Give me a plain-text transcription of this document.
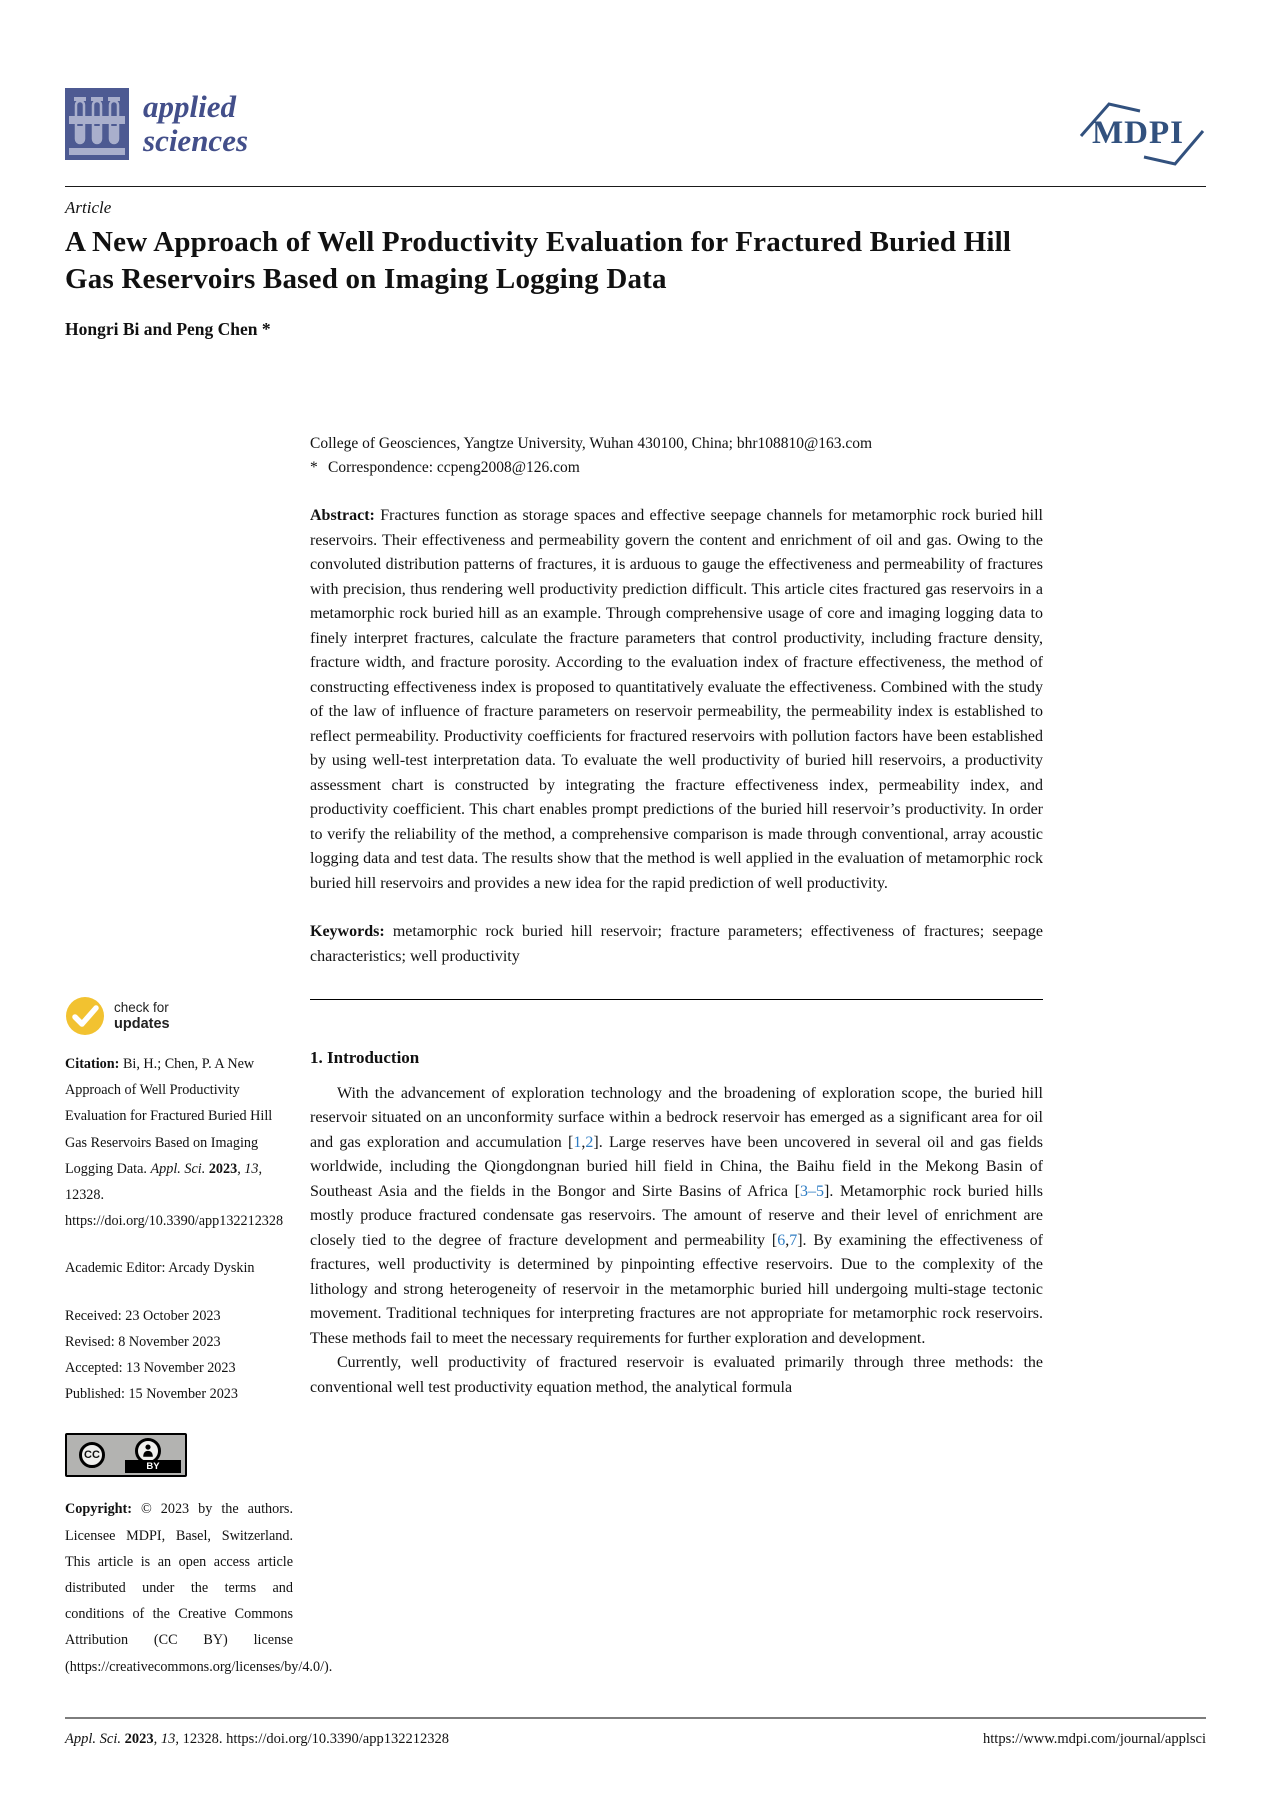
applied
sciences	MDPI
Article
A New Approach of Well Productivity Evaluation for Fractured Buried Hill Gas Reservoirs Based on Imaging Logging Data
Hongri Bi and Peng Chen *
College of Geosciences, Yangtze University, Wuhan 430100, China; bhr108810@163.com
* Correspondence: ccpeng2008@126.com

Abstract: Fractures function as storage spaces and effective seepage channels for metamorphic rock buried hill reservoirs. Their effectiveness and permeability govern the content and enrichment of oil and gas. Owing to the convoluted distribution patterns of fractures, it is arduous to gauge the effectiveness and permeability of fractures with precision, thus rendering well productivity prediction difficult. This article cites fractured gas reservoirs in a metamorphic rock buried hill as an example. Through comprehensive usage of core and imaging logging data to finely interpret fractures, calculate the fracture parameters that control productivity, including fracture density, fracture width, and fracture porosity. According to the evaluation index of fracture effectiveness, the method of constructing effectiveness index is proposed to quantitatively evaluate the effectiveness. Combined with the study of the law of influence of fracture parameters on reservoir permeability, the permeability index is established to reflect permeability. Productivity coefficients for fractured reservoirs with pollution factors have been established by using well-test interpretation data. To evaluate the well productivity of buried hill reservoirs, a productivity assessment chart is constructed by integrating the fracture effectiveness index, permeability index, and productivity coefficient. This chart enables prompt predictions of the buried hill reservoir’s productivity. In order to verify the reliability of the method, a comprehensive comparison is made through conventional, array acoustic logging data and test data. The results show that the method is well applied in the evaluation of metamorphic rock buried hill reservoirs and provides a new idea for the rapid prediction of well productivity.

Keywords: metamorphic rock buried hill reservoir; fracture parameters; effectiveness of fractures; seepage characteristics; well productivity

1. Introduction

With the advancement of exploration technology and the broadening of exploration scope, the buried hill reservoir situated on an unconformity surface within a bedrock reservoir has emerged as a significant area for oil and gas exploration and accumulation [1,2]. Large reserves have been uncovered in several oil and gas fields worldwide, including the Qiongdongnan buried hill field in China, the Baihu field in the Mekong Basin of Southeast Asia and the fields in the Bongor and Sirte Basins of Africa [3–5]. Metamorphic rock buried hills mostly produce fractured condensate gas reservoirs. The amount of reserve and their level of enrichment are closely tied to the degree of fracture development and permeability [6,7]. By examining the effectiveness of fractures, well productivity is determined by pinpointing effective reservoirs. Due to the complexity of the lithology and strong heterogeneity of reservoir in the metamorphic buried hill undergoing multi-stage tectonic movement. Traditional techniques for interpreting fractures are not appropriate for metamorphic rock reservoirs. These methods fail to meet the necessary requirements for further exploration and development.

Currently, well productivity of fractured reservoir is evaluated primarily through three methods: the conventional well test productivity equation method, the analytical formula

check for
updates

Citation: Bi, H.; Chen, P. A New Approach of Well Productivity Evaluation for Fractured Buried Hill Gas Reservoirs Based on Imaging Logging Data. Appl. Sci. 2023, 13, 12328. https://doi.org/10.3390/app132212328

Academic Editor: Arcady Dyskin
Received: 23 October 2023
Revised: 8 November 2023
Accepted: 13 November 2023
Published: 15 November 2023
CC
BY

Copyright: © 2023 by the authors. Licensee MDPI, Basel, Switzerland. This article is an open access article distributed under the terms and conditions of the Creative Commons Attribution (CC BY) license (https://creativecommons.org/licenses/by/4.0/).

Appl. Sci. 2023, 13, 12328. https://doi.org/10.3390/app132212328	https://www.mdpi.com/journal/applsci
